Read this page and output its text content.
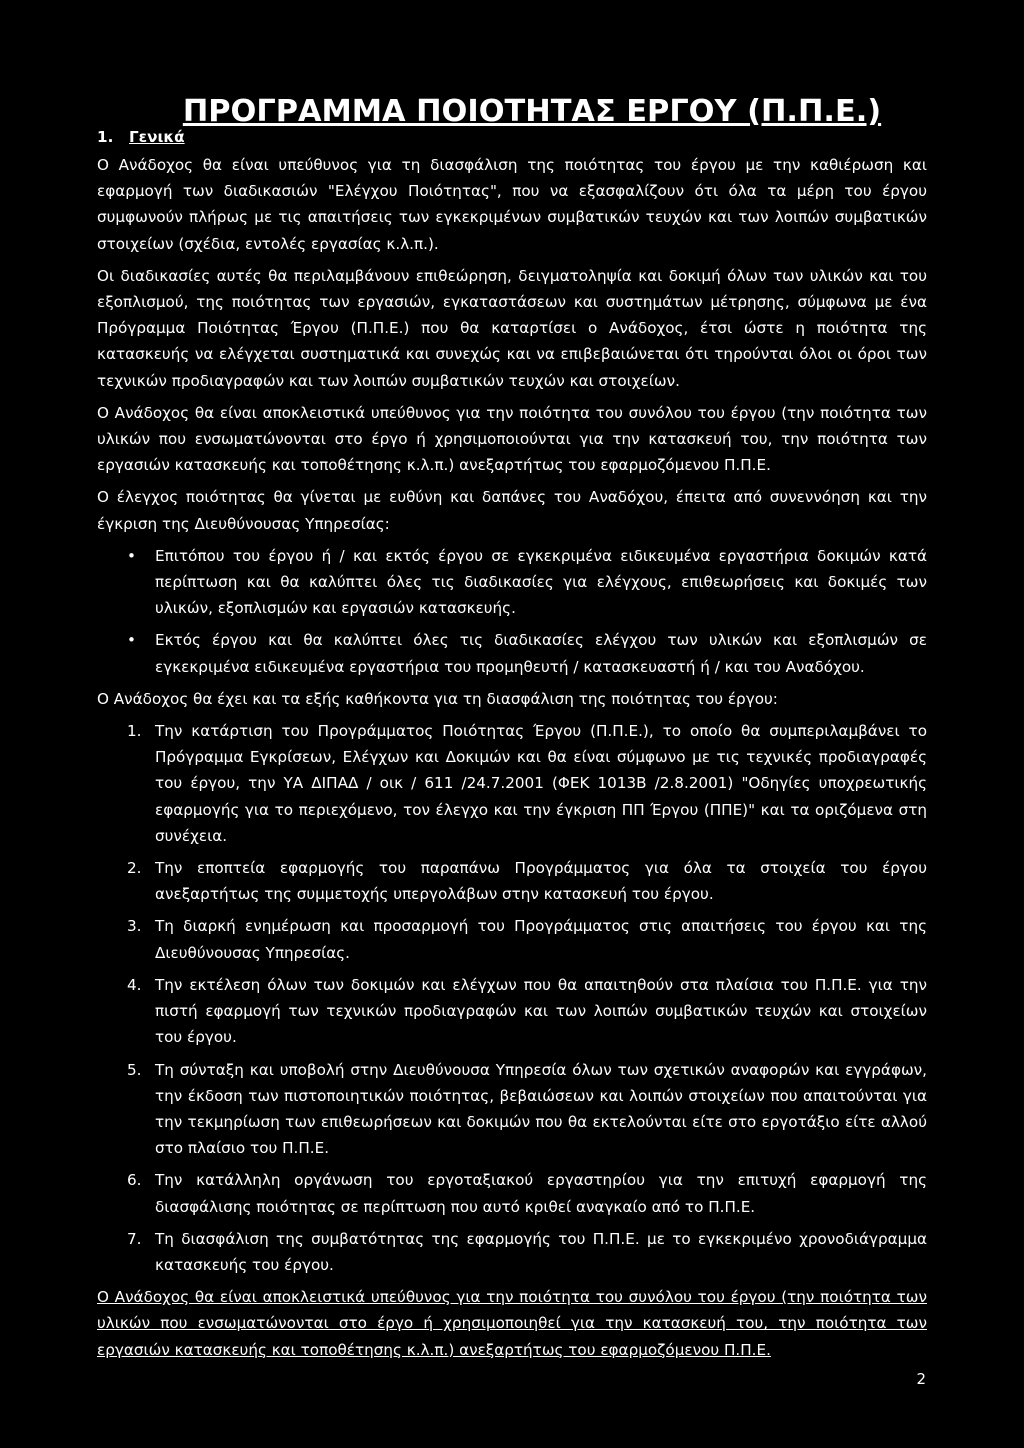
ΠΡΟΓΡΑΜΜΑ ΠΟΙΟΤΗΤΑΣ ΕΡΓΟΥ (Π.Π.Ε.)
1. Γενικά

Ο Ανάδοχος θα είναι υπεύθυνος για τη διασφάλιση της ποιότητας του έργου με την καθιέρωση και εφαρμογή των διαδικασιών "Ελέγχου Ποιότητας", που να εξασφαλίζουν ότι όλα τα μέρη του έργου συμφωνούν πλήρως με τις απαιτήσεις των εγκεκριμένων συμβατικών τευχών και των λοιπών συμβατικών στοιχείων (σχέδια, εντολές εργασίας κ.λ.π.).

Οι διαδικασίες αυτές θα περιλαμβάνουν επιθεώρηση, δειγματοληψία και δοκιμή όλων των υλικών και του εξοπλισμού, της ποιότητας των εργασιών, εγκαταστάσεων και συστημάτων μέτρησης, σύμφωνα με ένα Πρόγραμμα Ποιότητας Έργου (Π.Π.Ε.) που θα καταρτίσει ο Ανάδοχος, έτσι ώστε η ποιότητα της κατασκευής να ελέγχεται συστηματικά και συνεχώς και να επιβεβαιώνεται ότι τηρούνται όλοι οι όροι των τεχνικών προδιαγραφών και των λοιπών συμβατικών τευχών και στοιχείων.

Ο Ανάδοχος θα είναι αποκλειστικά υπεύθυνος για την ποιότητα του συνόλου του έργου (την ποιότητα των υλικών που ενσωματώνονται στο έργο ή χρησιμοποιούνται για την κατασκευή του, την ποιότητα των εργασιών κατασκευής και τοποθέτησης κ.λ.π.) ανεξαρτήτως του εφαρμοζόμενου Π.Π.Ε.

Ο έλεγχος ποιότητας θα γίνεται με ευθύνη και δαπάνες του Αναδόχου, έπειτα από συνεννόηση και την έγκριση της Διευθύνουσας Υπηρεσίας:

• Επιτόπου του έργου ή / και εκτός έργου σε εγκεκριμένα ειδικευμένα εργαστήρια δοκιμών κατά περίπτωση και θα καλύπτει όλες τις διαδικασίες για ελέγχους, επιθεωρήσεις και δοκιμές των υλικών, εξοπλισμών και εργασιών κατασκευής.
• Εκτός έργου και θα καλύπτει όλες τις διαδικασίες ελέγχου των υλικών και εξοπλισμών σε εγκεκριμένα ειδικευμένα εργαστήρια του προμηθευτή / κατασκευαστή ή / και του Αναδόχου.

Ο Ανάδοχος θα έχει και τα εξής καθήκοντα για τη διασφάλιση της ποιότητας του έργου:

1. Την κατάρτιση του Προγράμματος Ποιότητας Έργου (Π.Π.Ε.), το οποίο θα συμπεριλαμβάνει το Πρόγραμμα Εγκρίσεων, Ελέγχων και Δοκιμών και θα είναι σύμφωνο με τις τεχνικές προδιαγραφές του έργου, την ΥΑ ΔΙΠΑΔ / οικ / 611 /24.7.2001 (ΦΕΚ 1013Β /2.8.2001) "Οδηγίες υποχρεωτικής εφαρμογής για το περιεχόμενο, τον έλεγχο και την έγκριση ΠΠ Έργου (ΠΠΕ)" και τα οριζόμενα στη συνέχεια.
2. Την εποπτεία εφαρμογής του παραπάνω Προγράμματος για όλα τα στοιχεία του έργου ανεξαρτήτως της συμμετοχής υπεργολάβων στην κατασκευή του έργου.
3. Τη διαρκή ενημέρωση και προσαρμογή του Προγράμματος στις απαιτήσεις του έργου και της Διευθύνουσας Υπηρεσίας.
4. Την εκτέλεση όλων των δοκιμών και ελέγχων που θα απαιτηθούν στα πλαίσια του Π.Π.Ε. για την πιστή εφαρμογή των τεχνικών προδιαγραφών και των λοιπών συμβατικών τευχών και στοιχείων του έργου.
5. Τη σύνταξη και υποβολή στην Διευθύνουσα Υπηρεσία όλων των σχετικών αναφορών και εγγράφων, την έκδοση των πιστοποιητικών ποιότητας, βεβαιώσεων και λοιπών στοιχείων που απαιτούνται για την τεκμηρίωση των επιθεωρήσεων και δοκιμών που θα εκτελούνται είτε στο εργοτάξιο είτε αλλού στο πλαίσιο του Π.Π.Ε.
6. Την κατάλληλη οργάνωση του εργοταξιακού εργαστηρίου για την επιτυχή εφαρμογή της διασφάλισης ποιότητας σε περίπτωση που αυτό κριθεί αναγκαίο από το Π.Π.Ε.
7. Τη διασφάλιση της συμβατότητας της εφαρμογής του Π.Π.Ε. με το εγκεκριμένο χρονοδιάγραμμα κατασκευής του έργου.

Ο Ανάδοχος θα είναι αποκλειστικά υπεύθυνος για την ποιότητα του συνόλου του έργου (την ποιότητα των υλικών που ενσωματώνονται στο έργο ή χρησιμοποιηθεί για την κατασκευή του, την ποιότητα των εργασιών κατασκευής και τοποθέτησης κ.λ.π.) ανεξαρτήτως του εφαρμοζόμενου Π.Π.Ε.

2
